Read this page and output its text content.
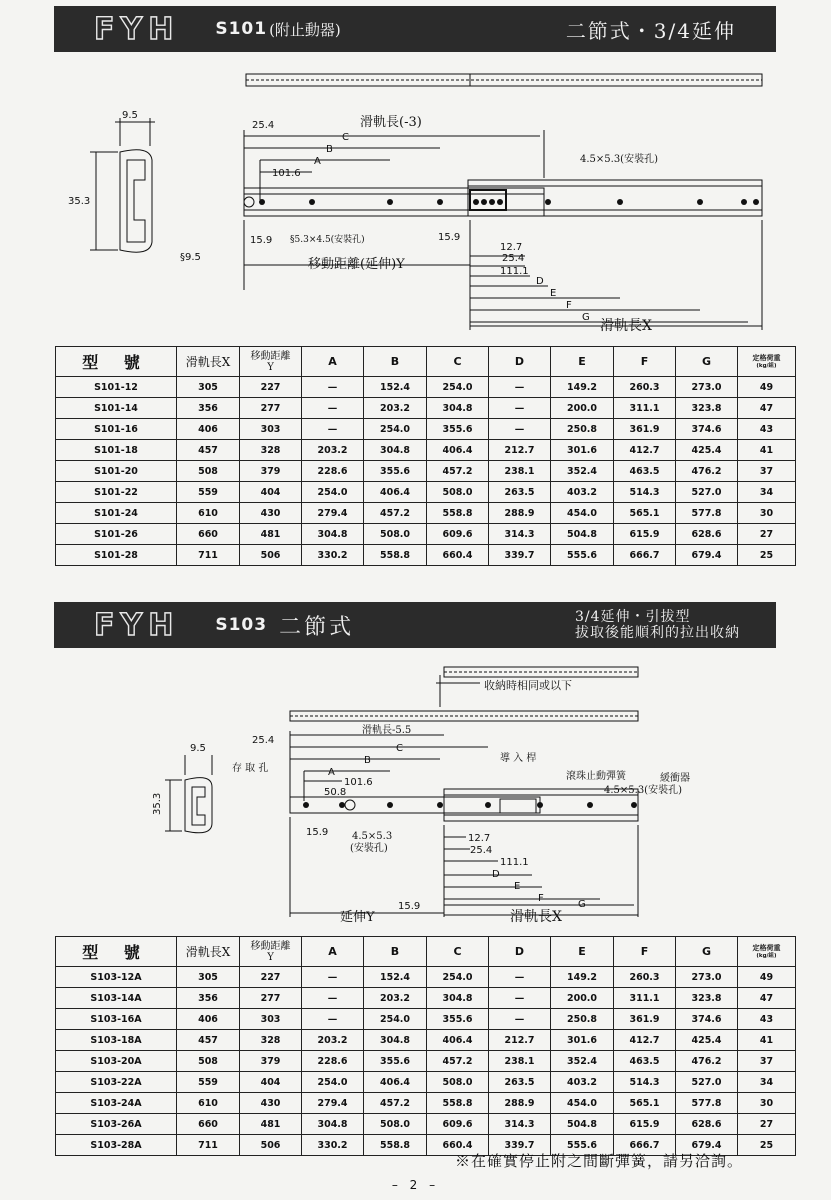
FYH S101 (附止動器)	二節式・3/4延伸
9.5
35.3
§9.5
25.4	滑軌長(-3)
C
B
A
101.6
4.5×5.3(安裝孔)
15.9 §5.3×4.5(安裝孔)	15.9
移動距離(延伸)Y
12.7
25.4
111.1
D
E
F
G
滑軌長X
型 號	滑軌長X	移動距離
Y	A	B	C	D	E	F	G	定格荷重
(kg/組)

S101-12	305	227	—	152.4	254.0	—	149.2	260.3	273.0	49
S101-14	356	277	—	203.2	304.8	—	200.0	311.1	323.8	47
S101-16	406	303	—	254.0	355.6	—	250.8	361.9	374.6	43
S101-18	457	328	203.2	304.8	406.4	212.7	301.6	412.7	425.4	41
S101-20	508	379	228.6	355.6	457.2	238.1	352.4	463.5	476.2	37
S101-22	559	404	254.0	406.4	508.0	263.5	403.2	514.3	527.0	34
S101-24	610	430	279.4	457.2	558.8	288.9	454.0	565.1	577.8	30
S101-26	660	481	304.8	508.0	609.6	314.3	504.8	615.9	628.6	27
S101-28	711	506	330.2	558.8	660.4	339.7	555.6	666.7	679.4	25
FYH S103 二節式	3/4延伸・引拔型
拔取後能順利的拉出收納
收納時相同或以下
9.5
35.3
25.4
滑軌長-5.5
C
B
A
導 入 桿
存 取 孔
101.6
50.8
滾珠止動彈簧	緩衝器
4.5×5.3(安裝孔)
15.9 4.5×5.3
(安裝孔)
12.7
25.4
111.1
D
E
F
G
15.9
延伸Y	滑軌長X
型 號	滑軌長X	移動距離
Y	A	B	C	D	E	F	G	定格荷重
(kg/組)

S103-12A	305	227	—	152.4	254.0	—	149.2	260.3	273.0	49
S103-14A	356	277	—	203.2	304.8	—	200.0	311.1	323.8	47
S103-16A	406	303	—	254.0	355.6	—	250.8	361.9	374.6	43
S103-18A	457	328	203.2	304.8	406.4	212.7	301.6	412.7	425.4	41
S103-20A	508	379	228.6	355.6	457.2	238.1	352.4	463.5	476.2	37
S103-22A	559	404	254.0	406.4	508.0	263.5	403.2	514.3	527.0	34
S103-24A	610	430	279.4	457.2	558.8	288.9	454.0	565.1	577.8	30
S103-26A	660	481	304.8	508.0	609.6	314.3	504.8	615.9	628.6	27
S103-28A	711	506	330.2	558.8	660.4	339.7	555.6	666.7	679.4	25
※在確實停止附之間斷彈簧，請另洽詢。
– 2 –
